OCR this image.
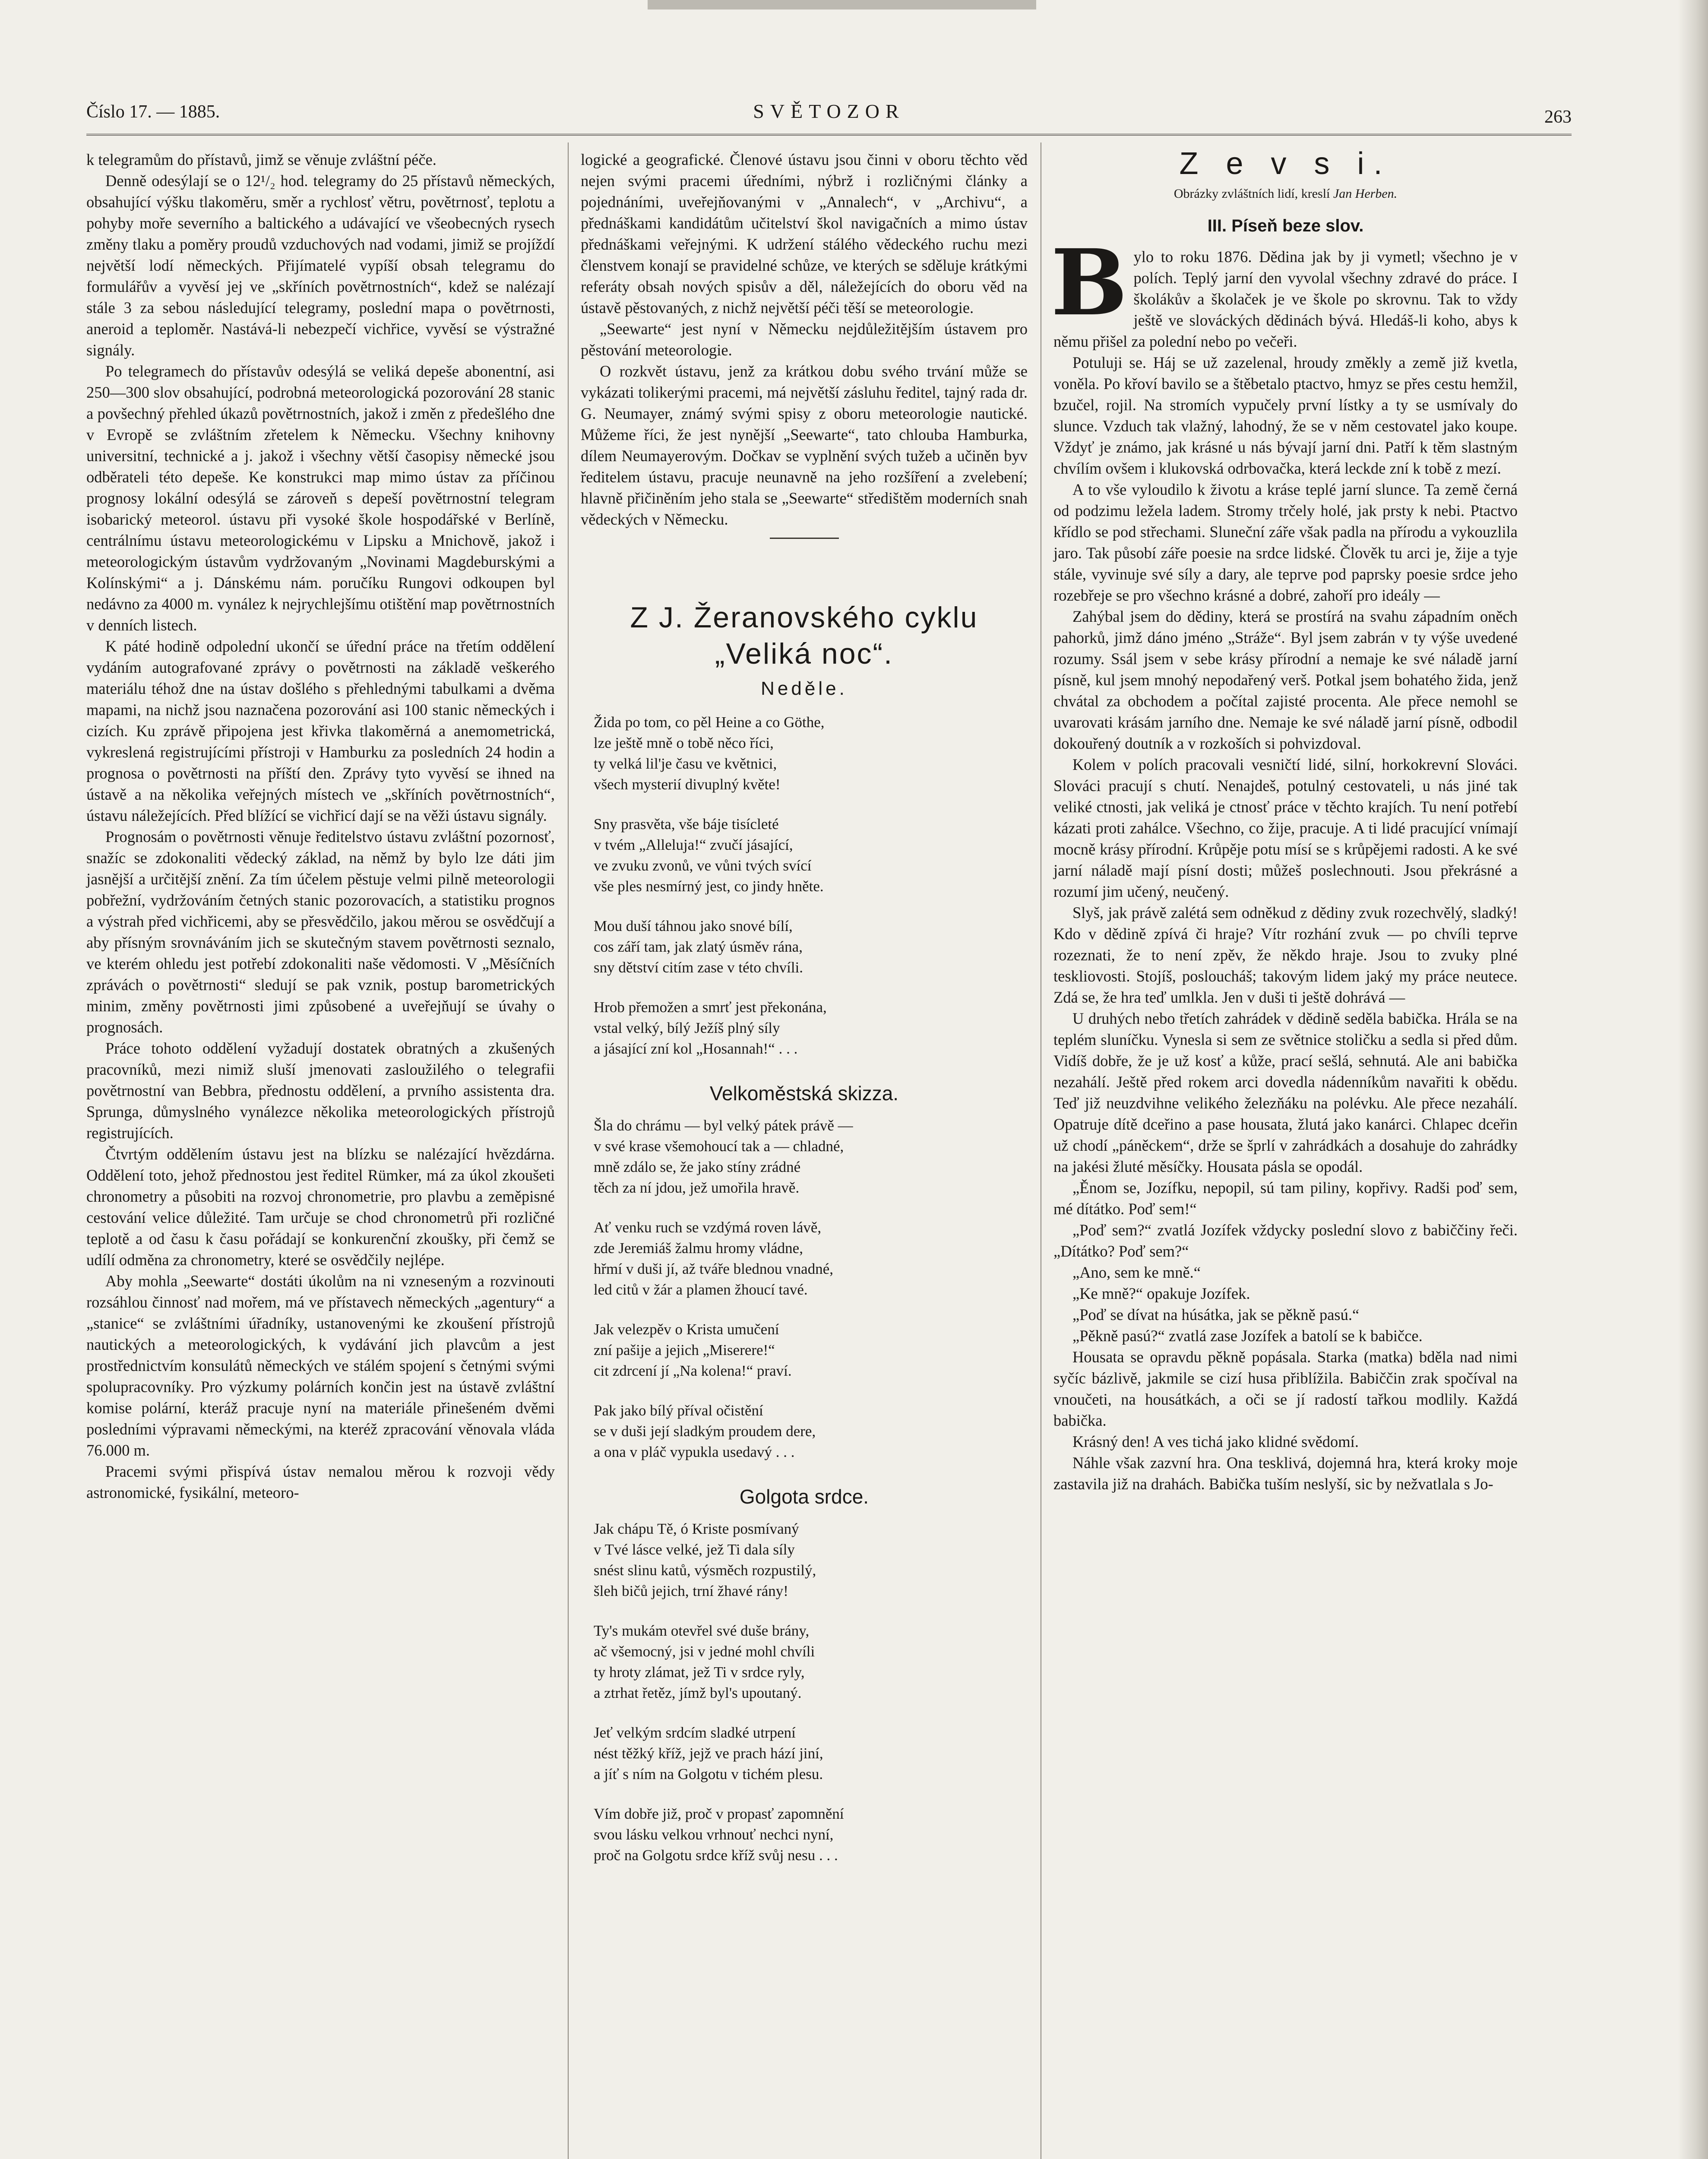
Číslo 17. — 1885.	SVĚTOZOR	263

k telegramům do přístavů, jimž se věnuje zvláštní péče.

Denně odesýlají se o 12¹/₂ hod. telegramy do 25 přístavů německých, obsahující výšku tlakoměru, směr a rychlosť větru, povětrnosť, teplotu a pohyby moře severního a baltického a udávající ve všeobecných rysech změny tlaku a poměry proudů vzduchových nad vodami, jimiž se projíždí největší lodí německých. Přijímatelé vypíší obsah telegramu do formulářův a vyvěsí jej ve „skříních povětrnostních“, kdež se nalézají stále 3 za sebou následující telegramy, poslední mapa o povětrnosti, aneroid a teploměr. Nastává-li nebezpečí vichřice, vyvěsí se výstražné signály.

Po telegramech do přístavův odesýlá se veliká depeše abonentní, asi 250—300 slov obsahující, podrobná meteorologická pozorování 28 stanic a povšechný přehled úkazů povětrnostních, jakož i změn z předešlého dne v Evropě se zvláštním zřetelem k Německu. Všechny knihovny universitní, technické a j. jakož i všechny větší časopisy německé jsou odběrateli této depeše. Ke konstrukci map mimo ústav za příčinou prognosy lokální odesýlá se zároveň s depeší povětrnostní telegram isobarický meteorol. ústavu při vysoké škole hospodářské v Berlíně, centrálnímu ústavu meteorologickému v Lipsku a Mnichově, jakož i meteorologickým ústavům vydržovaným „Novinami Magdeburskými a Kolínskými“ a j. Dánskému nám. poručíku Rungovi odkoupen byl nedávno za 4000 m. vynález k nejrychlejšímu otištění map povětrnostních v denních listech.

K páté hodině odpolední ukončí se úřední práce na třetím oddělení vydáním autografované zprávy o povětrnosti na základě veškerého materiálu téhož dne na ústav došlého s přehlednými tabulkami a dvěma mapami, na nichž jsou naznačena pozorování asi 100 stanic německých i cizích. Ku zprávě připojena jest křivka tlakoměrná a anemometrická, vykreslená registrujícími přístroji v Hamburku za posledních 24 hodin a prognosa o povětrnosti na příští den. Zprávy tyto vyvěsí se ihned na ústavě a na několika veřejných místech ve „skříních povětrnostních“, ústavu náležejících. Před blížící se vichřicí dají se na věži ústavu signály.

Prognosám o povětrnosti věnuje ředitelstvo ústavu zvláštní pozornosť, snažíc se zdokonaliti vědecký základ, na němž by bylo lze dáti jim jasnější a určitější znění. Za tím účelem pěstuje velmi pilně meteorologii pobřežní, vydržováním četných stanic pozorovacích, a statistiku prognos a výstrah před vichřicemi, aby se přesvědčilo, jakou měrou se osvědčují a aby přísným srovnáváním jich se skutečným stavem povětrnosti seznalo, ve kterém ohledu jest potřebí zdokonaliti naše vědomosti. V „Měsíčních zprávách o povětrnosti“ sledují se pak vznik, postup barometrických minim, změny povětrnosti jimi způsobené a uveřejňují se úvahy o prognosách.

Práce tohoto oddělení vyžadují dostatek obratných a zkušených pracovníků, mezi nimiž sluší jmenovati zasloužilého o telegrafii povětrnostní van Bebbra, přednostu oddělení, a prvního assistenta dra. Sprunga, důmyslného vynálezce několika meteorologických přístrojů registrujících.

Čtvrtým oddělením ústavu jest na blízku se nalézající hvězdárna. Oddělení toto, jehož přednostou jest ředitel Rümker, má za úkol zkoušeti chronometry a působiti na rozvoj chronometrie, pro plavbu a zeměpisné cestování velice důležité. Tam určuje se chod chronometrů při rozličné teplotě a od času k času pořádají se konkurenční zkoušky, při čemž se udílí odměna za chronometry, které se osvědčily nejlépe.

Aby mohla „Seewarte“ dostáti úkolům na ni vzneseným a rozvinouti rozsáhlou činnosť nad mořem, má ve přístavech německých „agentury“ a „stanice“ se zvláštními úřadníky, ustanovenými ke zkoušení přístrojů nautických a meteorologických, k vydávání jich plavcům a jest prostřednictvím konsulátů německých ve stálém spojení s četnými svými spolupracovníky. Pro výzkumy polárních končin jest na ústavě zvláštní komise polární, kteráž pracuje nyní na materiále přinešeném dvěmi posledními výpravami německými, na kteréž zpracování věnovala vláda 76.000 m.

Pracemi svými přispívá ústav nemalou měrou k rozvoji vědy astronomické, fysikální, meteoro-

logické a geografické. Členové ústavu jsou činni v oboru těchto věd nejen svými pracemi úředními, nýbrž i rozličnými články a pojednáními, uveřejňovanými v „Annalech“, v „Archivu“, a přednáškami kandidátům učitelství škol navigačních a mimo ústav přednáškami veřejnými. K udržení stálého vědeckého ruchu mezi členstvem konají se pravidelné schůze, ve kterých se sděluje krátkými referáty obsah nových spisův a děl, náležejících do oboru věd na ústavě pěstovaných, z nichž největší péči těší se meteorologie.

„Seewarte“ jest nyní v Německu nejdůležitějším ústavem pro pěstování meteorologie.

O rozkvět ústavu, jenž za krátkou dobu svého trvání může se vykázati tolikerými pracemi, má největší zásluhu ředitel, tajný rada dr. G. Neumayer, známý svými spisy z oboru meteorologie nautické. Můžeme říci, že jest nynější „Seewarte“, tato chlouba Hamburka, dílem Neumayerovým. Dočkav se vyplnění svých tužeb a učiněn byv ředitelem ústavu, pracuje neunavně na jeho rozšíření a zvelebení; hlavně přičiněním jeho stala se „Seewarte“ středištěm moderních snah vědeckých v Německu.

Z J. Žeranovského cyklu
„Veliká noc“.
Neděle.
Žida po tom, co pěl Heine a co Göthe,
lze ještě mně o tobě něco říci,
ty velká lil'je času ve květnici,
všech mysterií divuplný květe!
Sny prasvěta, vše báje tisícleté
v tvém „Alleluja!“ zvučí jásající,
ve zvuku zvonů, ve vůni tvých svící
vše ples nesmírný jest, co jindy hněte.
Mou duší táhnou jako snové bílí,
cos září tam, jak zlatý úsměv rána,
sny dětství citím zase v této chvíli.
Hrob přemožen a smrť jest překonána,
vstal velký, bílý Ježíš plný síly
a jásající zní kol „Hosannah!“ . . .
Velkoměstská skizza.
Šla do chrámu — byl velký pátek právě —
v své krase všemohoucí tak a — chladné,
mně zdálo se, že jako stíny zrádné
těch za ní jdou, jež umořila hravě.
Ať venku ruch se vzdýmá roven lávě,
zde Jeremiáš žalmu hromy vládne,
hřmí v duši jí, až tváře blednou vnadné,
led citů v žár a plamen žhoucí tavé.
Jak velezpěv o Krista umučení
zní pašije a jejich „Miserere!“
cit zdrcení jí „Na kolena!“ praví.
Pak jako bílý příval očistění
se v duši její sladkým proudem dere,
a ona v pláč vypukla usedavý . . .
Golgota srdce.
Jak chápu Tě, ó Kriste posmívaný
v Tvé lásce velké, jež Ti dala síly
snést slinu katů, výsměch rozpustilý,
šleh bičů jejich, trní žhavé rány!
Ty's mukám otevřel své duše brány,
ač všemocný, jsi v jedné mohl chvíli
ty hroty zlámat, jež Ti v srdce ryly,
a ztrhat řetěz, jímž byl's upoutaný.
Jeť velkým srdcím sladké utrpení
nést těžký kříž, jejž ve prach hází jiní,
a jíť s ním na Golgotu v tichém plesu.
Vím dobře již, proč v propasť zapomnění
svou lásku velkou vrhnouť nechci nyní,
proč na Golgotu srdce kříž svůj nesu . . .
Z e v s i.
Obrázky zvláštních lidí, kreslí Jan Herben.
III. Píseň beze slov.

Bylo to roku 1876. Dědina jak by ji vymetl; všechno je v polích. Teplý jarní den vyvolal všechny zdravé do práce. I školákův a školaček je ve škole po skrovnu. Tak to vždy ještě ve slováckých dědinách bývá. Hledáš-li koho, abys k němu přišel za polední nebo po večeři.

Potuluji se. Háj se už zazelenal, hroudy změkly a země již kvetla, voněla. Po křoví bavilo se a štěbetalo ptactvo, hmyz se přes cestu hemžil, bzučel, rojil. Na stromích vypučely první lístky a ty se usmívaly do slunce. Vzduch tak vlažný, lahodný, že se v něm cestovatel jako koupe. Vždyť je známo, jak krásné u nás bývají jarní dni. Patří k těm slastným chvílím ovšem i klukovská odrbovačka, která leckde zní k tobě z mezí.

A to vše vyloudilo k životu a kráse teplé jarní slunce. Ta země černá od podzimu ležela ladem. Stromy trčely holé, jak prsty k nebi. Ptactvo křídlo se pod střechami. Sluneční záře však padla na přírodu a vykouzlila jaro. Tak působí záře poesie na srdce lidské. Člověk tu arci je, žije a tyje stále, vyvinuje své síly a dary, ale teprve pod paprsky poesie srdce jeho rozebřeje se pro všechno krásné a dobré, zahoří pro ideály —

Zahýbal jsem do dědiny, která se prostírá na svahu západním oněch pahorků, jimž dáno jméno „Stráže“. Byl jsem zabrán v ty výše uvedené rozumy. Ssál jsem v sebe krásy přírodní a nemaje ke své náladě jarní písně, kul jsem mnohý nepodařený verš. Potkal jsem bohatého žida, jenž chvátal za obchodem a počítal zajisté procenta. Ale přece nemohl se uvarovati krásám jarního dne. Nemaje ke své náladě jarní písně, odbodil dokouřený doutník a v rozkoších si pohvizdoval.

Kolem v polích pracovali vesničtí lidé, silní, horkokrevní Slováci. Slováci pracují s chutí. Nenajdeš, potulný cestovateli, u nás jiné tak veliké ctnosti, jak veliká je ctnosť práce v těchto krajích. Tu není potřebí kázati proti zahálce. Všechno, co žije, pracuje. A ti lidé pracující vnímají mocně krásy přírodní. Krůpěje potu mísí se s krůpějemi radosti. A ke své jarní náladě mají písní dosti; můžeš poslechnouti. Jsou překrásné a rozumí jim učený, neučený.

Slyš, jak právě zalétá sem odněkud z dědiny zvuk rozechvělý, sladký! Kdo v dědině zpívá či hraje? Vítr rozhání zvuk — po chvíli teprve rozeznati, že to není zpěv, že někdo hraje. Jsou to zvuky plné teskliovosti. Stojíš, posloucháš; takovým lidem jaký my práce neutece. Zdá se, že hra teď umlkla. Jen v duši ti ještě dohrává —

U druhých nebo třetích zahrádek v dědině seděla babička. Hrála se na teplém sluníčku. Vynesla si sem ze světnice stoličku a sedla si před dům. Vidíš dobře, že je už kosť a kůže, prací sešlá, sehnutá. Ale ani babička nezahálí. Ještě před rokem arci dovedla nádenníkům navařiti k obědu. Teď již neuzdvihne velikého železňáku na polévku. Ale přece nezahálí. Opatruje dítě dceřino a pase housata, žlutá jako kanárci. Chlapec dceřin už chodí „páněckem“, drže se šprlí v zahrádkách a dosahuje do zahrádky na jakési žluté měsíčky. Housata pásla se opodál.

„Ěnom se, Jozífku, nepopil, sú tam piliny, kopřivy. Radši poď sem, mé dítátko. Poď sem!“

„Poď sem?“ zvatlá Jozífek vždycky poslední slovo z babiččiny řeči. „Dítátko? Poď sem?“

„Ano, sem ke mně.“

„Ke mně?“ opakuje Jozífek.

„Poď se dívat na húsátka, jak se pěkně pasú.“

„Pěkně pasú?“ zvatlá zase Jozífek a batolí se k babičce.

Housata se opravdu pěkně popásala. Starka (matka) bděla nad nimi syčíc bázlivě, jakmile se cizí husa přiblížila. Babiččin zrak spočíval na vnoučeti, na housátkách, a oči se jí radostí tařkou modlily. Každá babička.

Krásný den! A ves tichá jako klidné svědomí.

Náhle však zazvní hra. Ona tesklivá, dojemná hra, která kroky moje zastavila již na drahách. Babička tuším neslyší, sic by nežvatlala s Jo-
